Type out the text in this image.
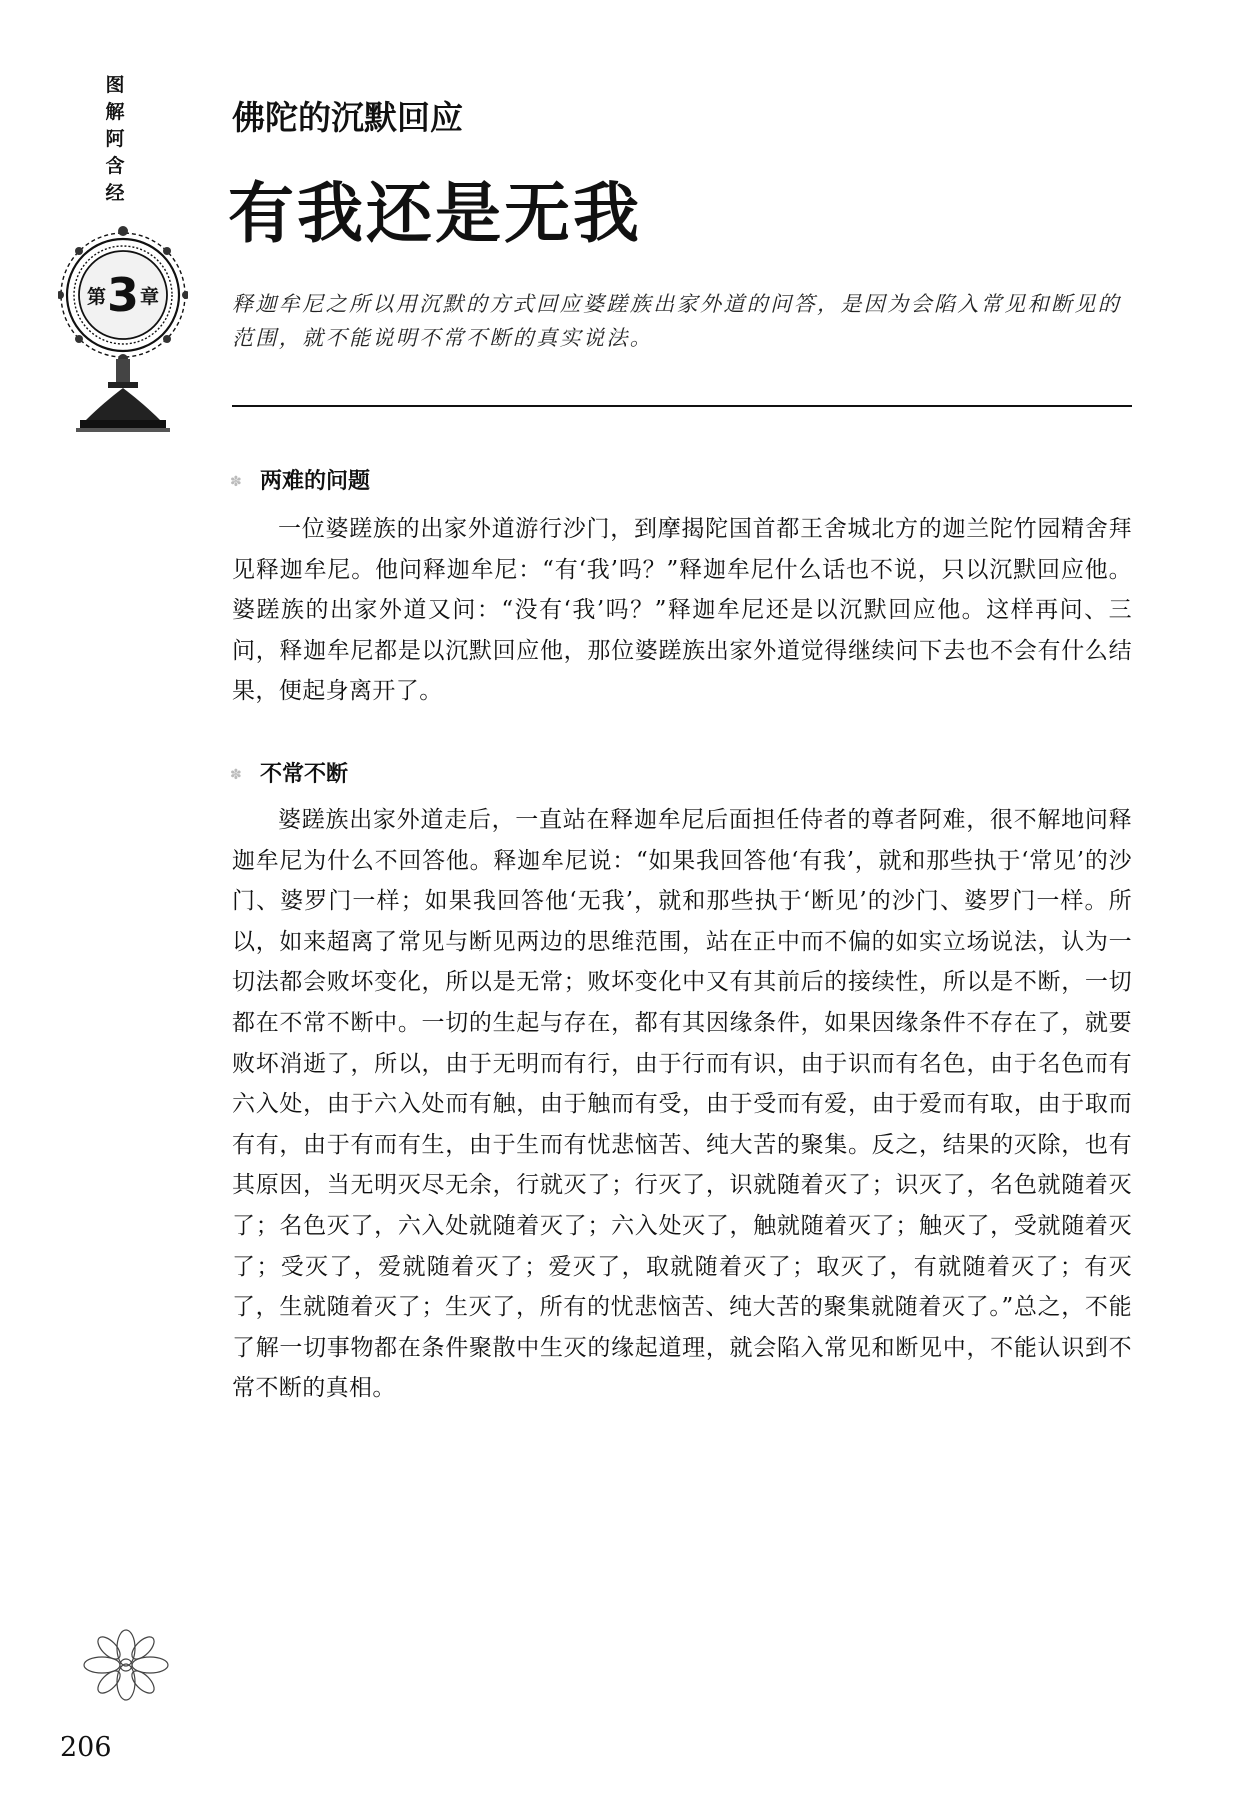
图
解
阿
含
经
第 3 章
佛陀的沉默回应
有我还是无我
释迦牟尼之所以用沉默的方式回应婆蹉族出家外道的问答，是因为会陷入常见和断见的范围，就不能说明不常不断的真实说法。
✽ 两难的问题

一位婆蹉族的出家外道游行沙门，到摩揭陀国首都王舍城北方的迦兰陀竹园精舍拜见释迦牟尼。他问释迦牟尼：“有‘我’吗？”释迦牟尼什么话也不说，只以沉默回应他。婆蹉族的出家外道又问：“没有‘我’吗？”释迦牟尼还是以沉默回应他。这样再问、三问，释迦牟尼都是以沉默回应他，那位婆蹉族出家外道觉得继续问下去也不会有什么结果，便起身离开了。

✽ 不常不断

婆蹉族出家外道走后，一直站在释迦牟尼后面担任侍者的尊者阿难，很不解地问释迦牟尼为什么不回答他。释迦牟尼说：“如果我回答他‘有我’，就和那些执于‘常见’的沙门、婆罗门一样；如果我回答他‘无我’，就和那些执于‘断见’的沙门、婆罗门一样。所以，如来超离了常见与断见两边的思维范围，站在正中而不偏的如实立场说法，认为一切法都会败坏变化，所以是无常；败坏变化中又有其前后的接续性，所以是不断，一切都在不常不断中。一切的生起与存在，都有其因缘条件，如果因缘条件不存在了，就要败坏消逝了，所以，由于无明而有行，由于行而有识，由于识而有名色，由于名色而有六入处，由于六入处而有触，由于触而有受，由于受而有爱，由于爱而有取，由于取而有有，由于有而有生，由于生而有忧悲恼苦、纯大苦的聚集。反之，结果的灭除，也有其原因，当无明灭尽无余，行就灭了；行灭了，识就随着灭了；识灭了，名色就随着灭了；名色灭了，六入处就随着灭了；六入处灭了，触就随着灭了；触灭了，受就随着灭了；受灭了，爱就随着灭了；爱灭了，取就随着灭了；取灭了，有就随着灭了；有灭了，生就随着灭了；生灭了，所有的忧悲恼苦、纯大苦的聚集就随着灭了。”总之，不能了解一切事物都在条件聚散中生灭的缘起道理，就会陷入常见和断见中，不能认识到不常不断的真相。

206
